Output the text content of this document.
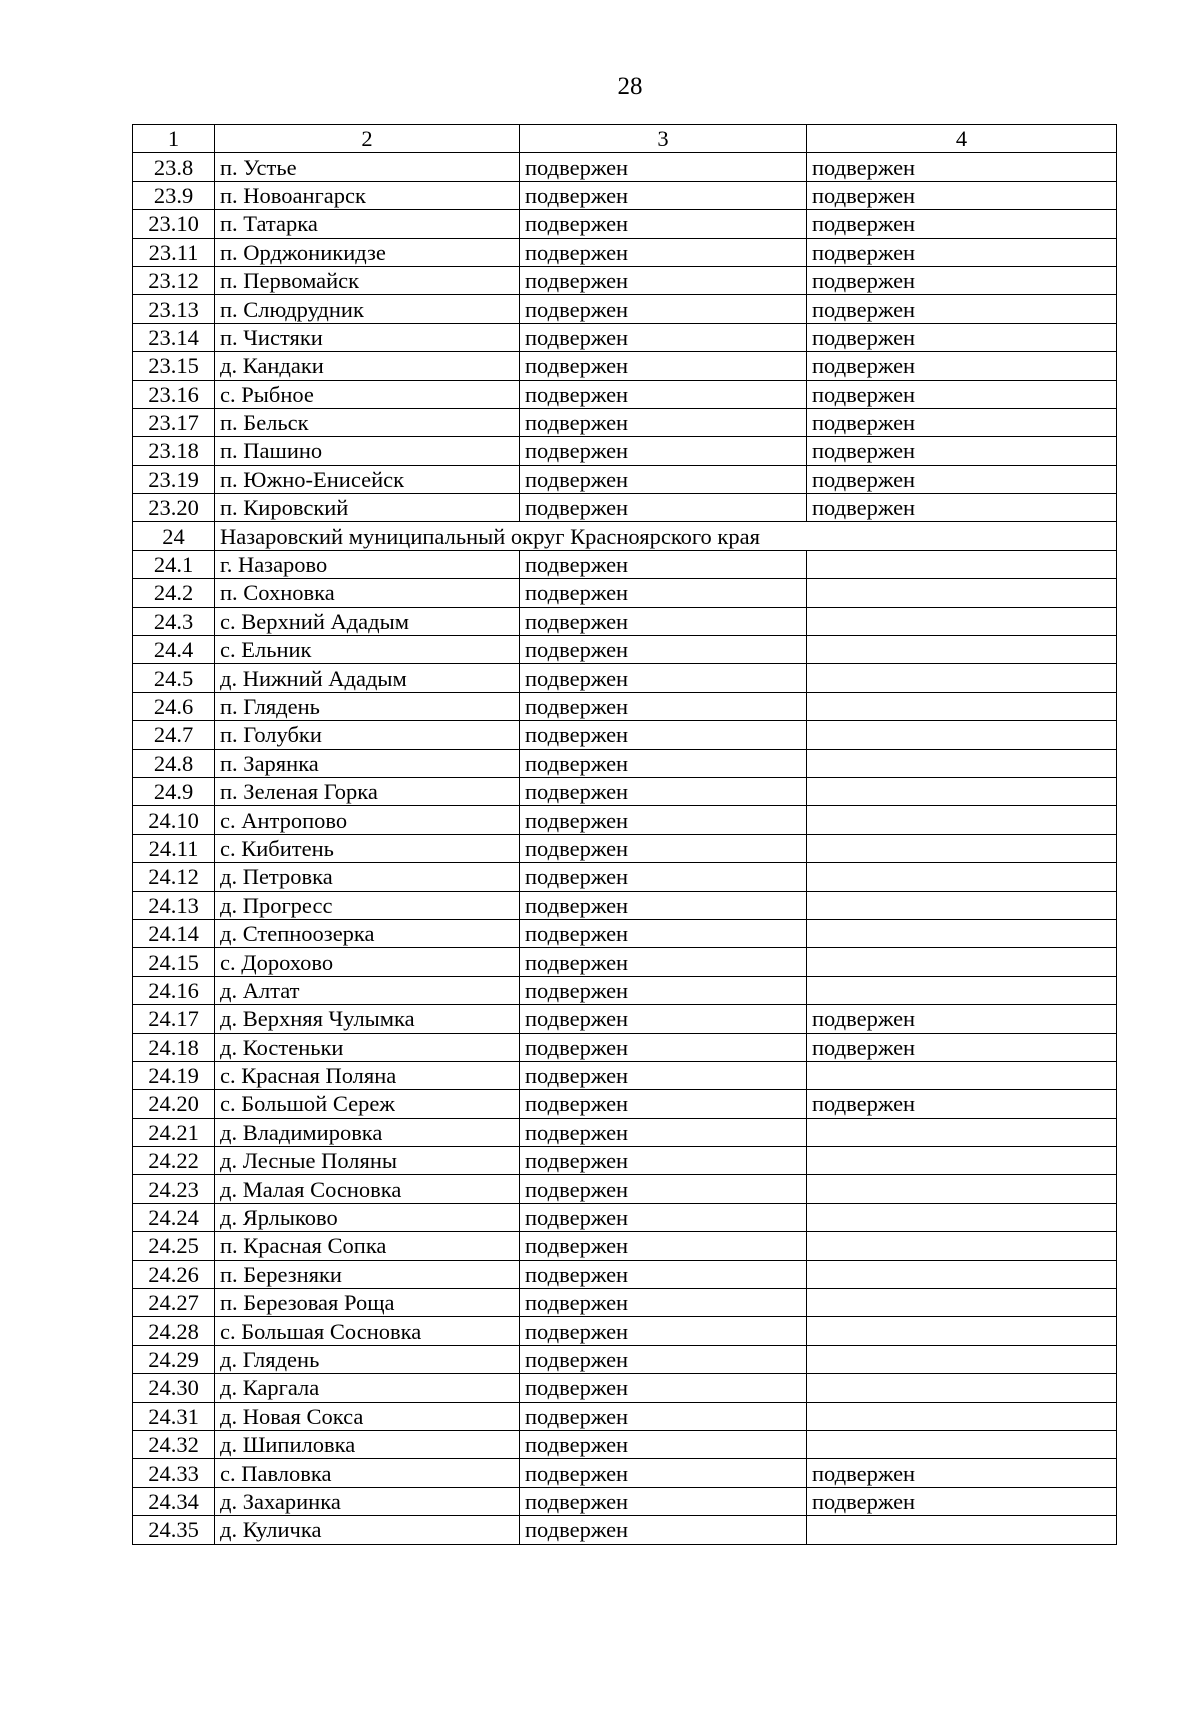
28
1	2	3	4
23.8	п. Устье	подвержен	подвержен
23.9	п. Новоангарск	подвержен	подвержен
23.10	п. Татарка	подвержен	подвержен
23.11	п. Орджоникидзе	подвержен	подвержен
23.12	п. Первомайск	подвержен	подвержен
23.13	п. Слюдрудник	подвержен	подвержен
23.14	п. Чистяки	подвержен	подвержен
23.15	д. Кандаки	подвержен	подвержен
23.16	с. Рыбное	подвержен	подвержен
23.17	п. Бельск	подвержен	подвержен
23.18	п. Пашино	подвержен	подвержен
23.19	п. Южно-Енисейск	подвержен	подвержен
23.20	п. Кировский	подвержен	подвержен
24	Назаровский муниципальный округ Красноярского края		
24.1	г. Назарово	подвержен	
24.2	п. Сохновка	подвержен	
24.3	с. Верхний Ададым	подвержен	
24.4	с. Ельник	подвержен	
24.5	д. Нижний Ададым	подвержен	
24.6	п. Глядень	подвержен	
24.7	п. Голубки	подвержен	
24.8	п. Зарянка	подвержен	
24.9	п. Зеленая Горка	подвержен	
24.10	с. Антропово	подвержен	
24.11	с. Кибитень	подвержен	
24.12	д. Петровка	подвержен	
24.13	д. Прогресс	подвержен	
24.14	д. Степноозерка	подвержен	
24.15	с. Дорохово	подвержен	
24.16	д. Алтат	подвержен	
24.17	д. Верхняя Чулымка	подвержен	подвержен
24.18	д. Костеньки	подвержен	подвержен
24.19	с. Красная Поляна	подвержен	
24.20	с. Большой Сереж	подвержен	подвержен
24.21	д. Владимировка	подвержен	
24.22	д. Лесные Поляны	подвержен	
24.23	д. Малая Сосновка	подвержен	
24.24	д. Ярлыково	подвержен	
24.25	п. Красная Сопка	подвержен	
24.26	п. Березняки	подвержен	
24.27	п. Березовая Роща	подвержен	
24.28	с. Большая Сосновка	подвержен	
24.29	д. Глядень	подвержен	
24.30	д. Каргала	подвержен	
24.31	д. Новая Сокса	подвержен	
24.32	д. Шипиловка	подвержен	
24.33	с. Павловка	подвержен	подвержен
24.34	д. Захаринка	подвержен	подвержен
24.35	д. Куличка	подвержен	
